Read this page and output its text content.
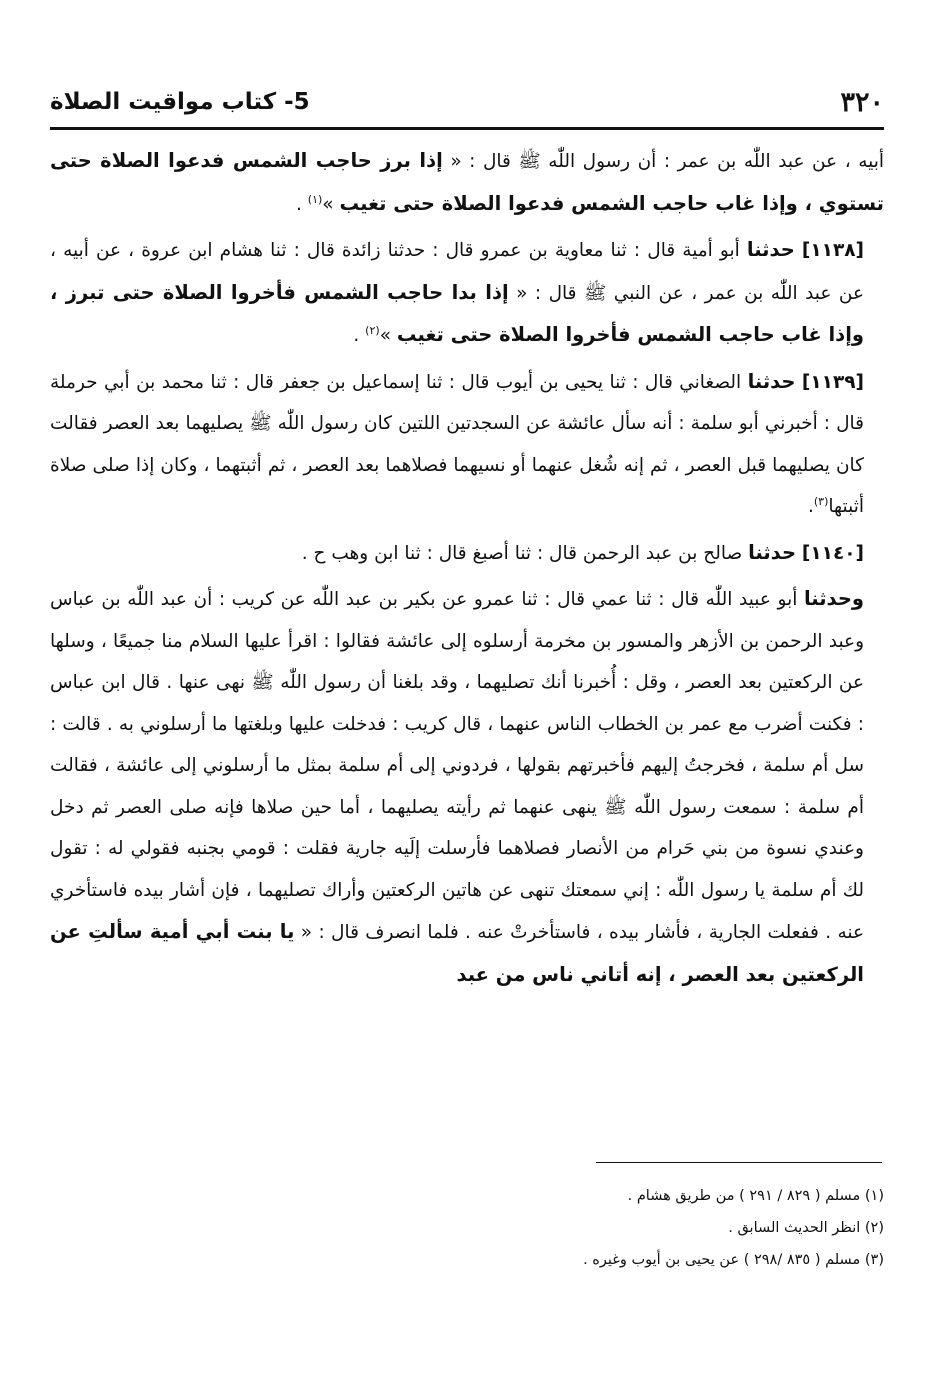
٣٢٠
5- كتاب مواقيت الصلاة

أبيه ، عن عبد اللّٰه بن عمر : أن رسول اللّٰه ﷺ قال : « إذا برز حاجب الشمس فدعوا الصلاة حتى تستوي ، وإذا غاب حاجب الشمس فدعوا الصلاة حتى تغيب »$^{(١)}$ .

[١١٣٨] حدثنا أبو أمية قال : ثنا معاوية بن عمرو قال : حدثنا زائدة قال : ثنا هشام ابن عروة ، عن أبيه ، عن عبد اللّٰه بن عمر ، عن النبي ﷺ قال : « إذا بدا حاجب الشمس فأخروا الصلاة حتى تبرز ، وإذا غاب حاجب الشمس فأخروا الصلاة حتى تغيب »$^{(٢)}$ .

[١١٣٩] حدثنا الصغاني قال : ثنا يحيى بن أيوب قال : ثنا إسماعيل بن جعفر قال : ثنا محمد بن أبي حرملة قال : أخبرني أبو سلمة : أنه سأل عائشة عن السجدتين اللتين كان رسول اللّٰه ﷺ يصليهما بعد العصر فقالت كان يصليهما قبل العصر ، ثم إنه شُغل عنهما أو نسيهما فصلاهما بعد العصر ، ثم أثبتهما ، وكان إذا صلى صلاة أثبتها$^{(٣)}$.

[١١٤٠] حدثنا صالح بن عبد الرحمن قال : ثنا أصبغ قال : ثنا ابن وهب ح .

وحدثنا أبو عبيد اللّٰه قال : ثنا عمي قال : ثنا عمرو عن بكير بن عبد اللّٰه عن كريب : أن عبد اللّٰه بن عباس وعبد الرحمن بن الأزهر والمسور بن مخرمة أرسلوه إلى عائشة فقالوا : اقرأ عليها السلام منا جميعًا ، وسلها عن الركعتين بعد العصر ، وقل : أُخبرنا أنك تصليهما ، وقد بلغنا أن رسول اللّٰه ﷺ نهى عنها . قال ابن عباس : فكنت أضرب مع عمر بن الخطاب الناس عنهما ، قال كريب : فدخلت عليها وبلغتها ما أرسلوني به . قالت : سل أم سلمة ، فخرجتُ إليهم فأخبرتهم بقولها ، فردوني إلى أم سلمة بمثل ما أرسلوني إلى عائشة ، فقالت أم سلمة : سمعت رسول اللّٰه ﷺ ينهى عنهما ثم رأيته يصليهما ، أما حين صلاها فإنه صلى العصر ثم دخل وعندي نسوة من بني حَرام من الأنصار فصلاهما فأرسلت إلَيه جارية فقلت : قومي بجنبه فقولي له : تقول لك أم سلمة يا رسول اللّٰه : إني سمعتك تنهى عن هاتين الركعتين وأراك تصليهما ، فإن أشار بيده فاستأخري عنه . ففعلت الجارية ، فأشار بيده ، فاستأخرتْ عنه . فلما انصرف قال : « يا بنت أبي أمية سألتِ عن الركعتين بعد العصر ، إنه أتاني ناس من عبد

(١) مسلم ( ٨٢٩ / ٢٩١ ) من طريق هشام .
(٢) انظر الحديث السابق .
(٣) مسلم ( ٨٣٥ /٢٩٨ ) عن يحيى بن أيوب وغيره .
